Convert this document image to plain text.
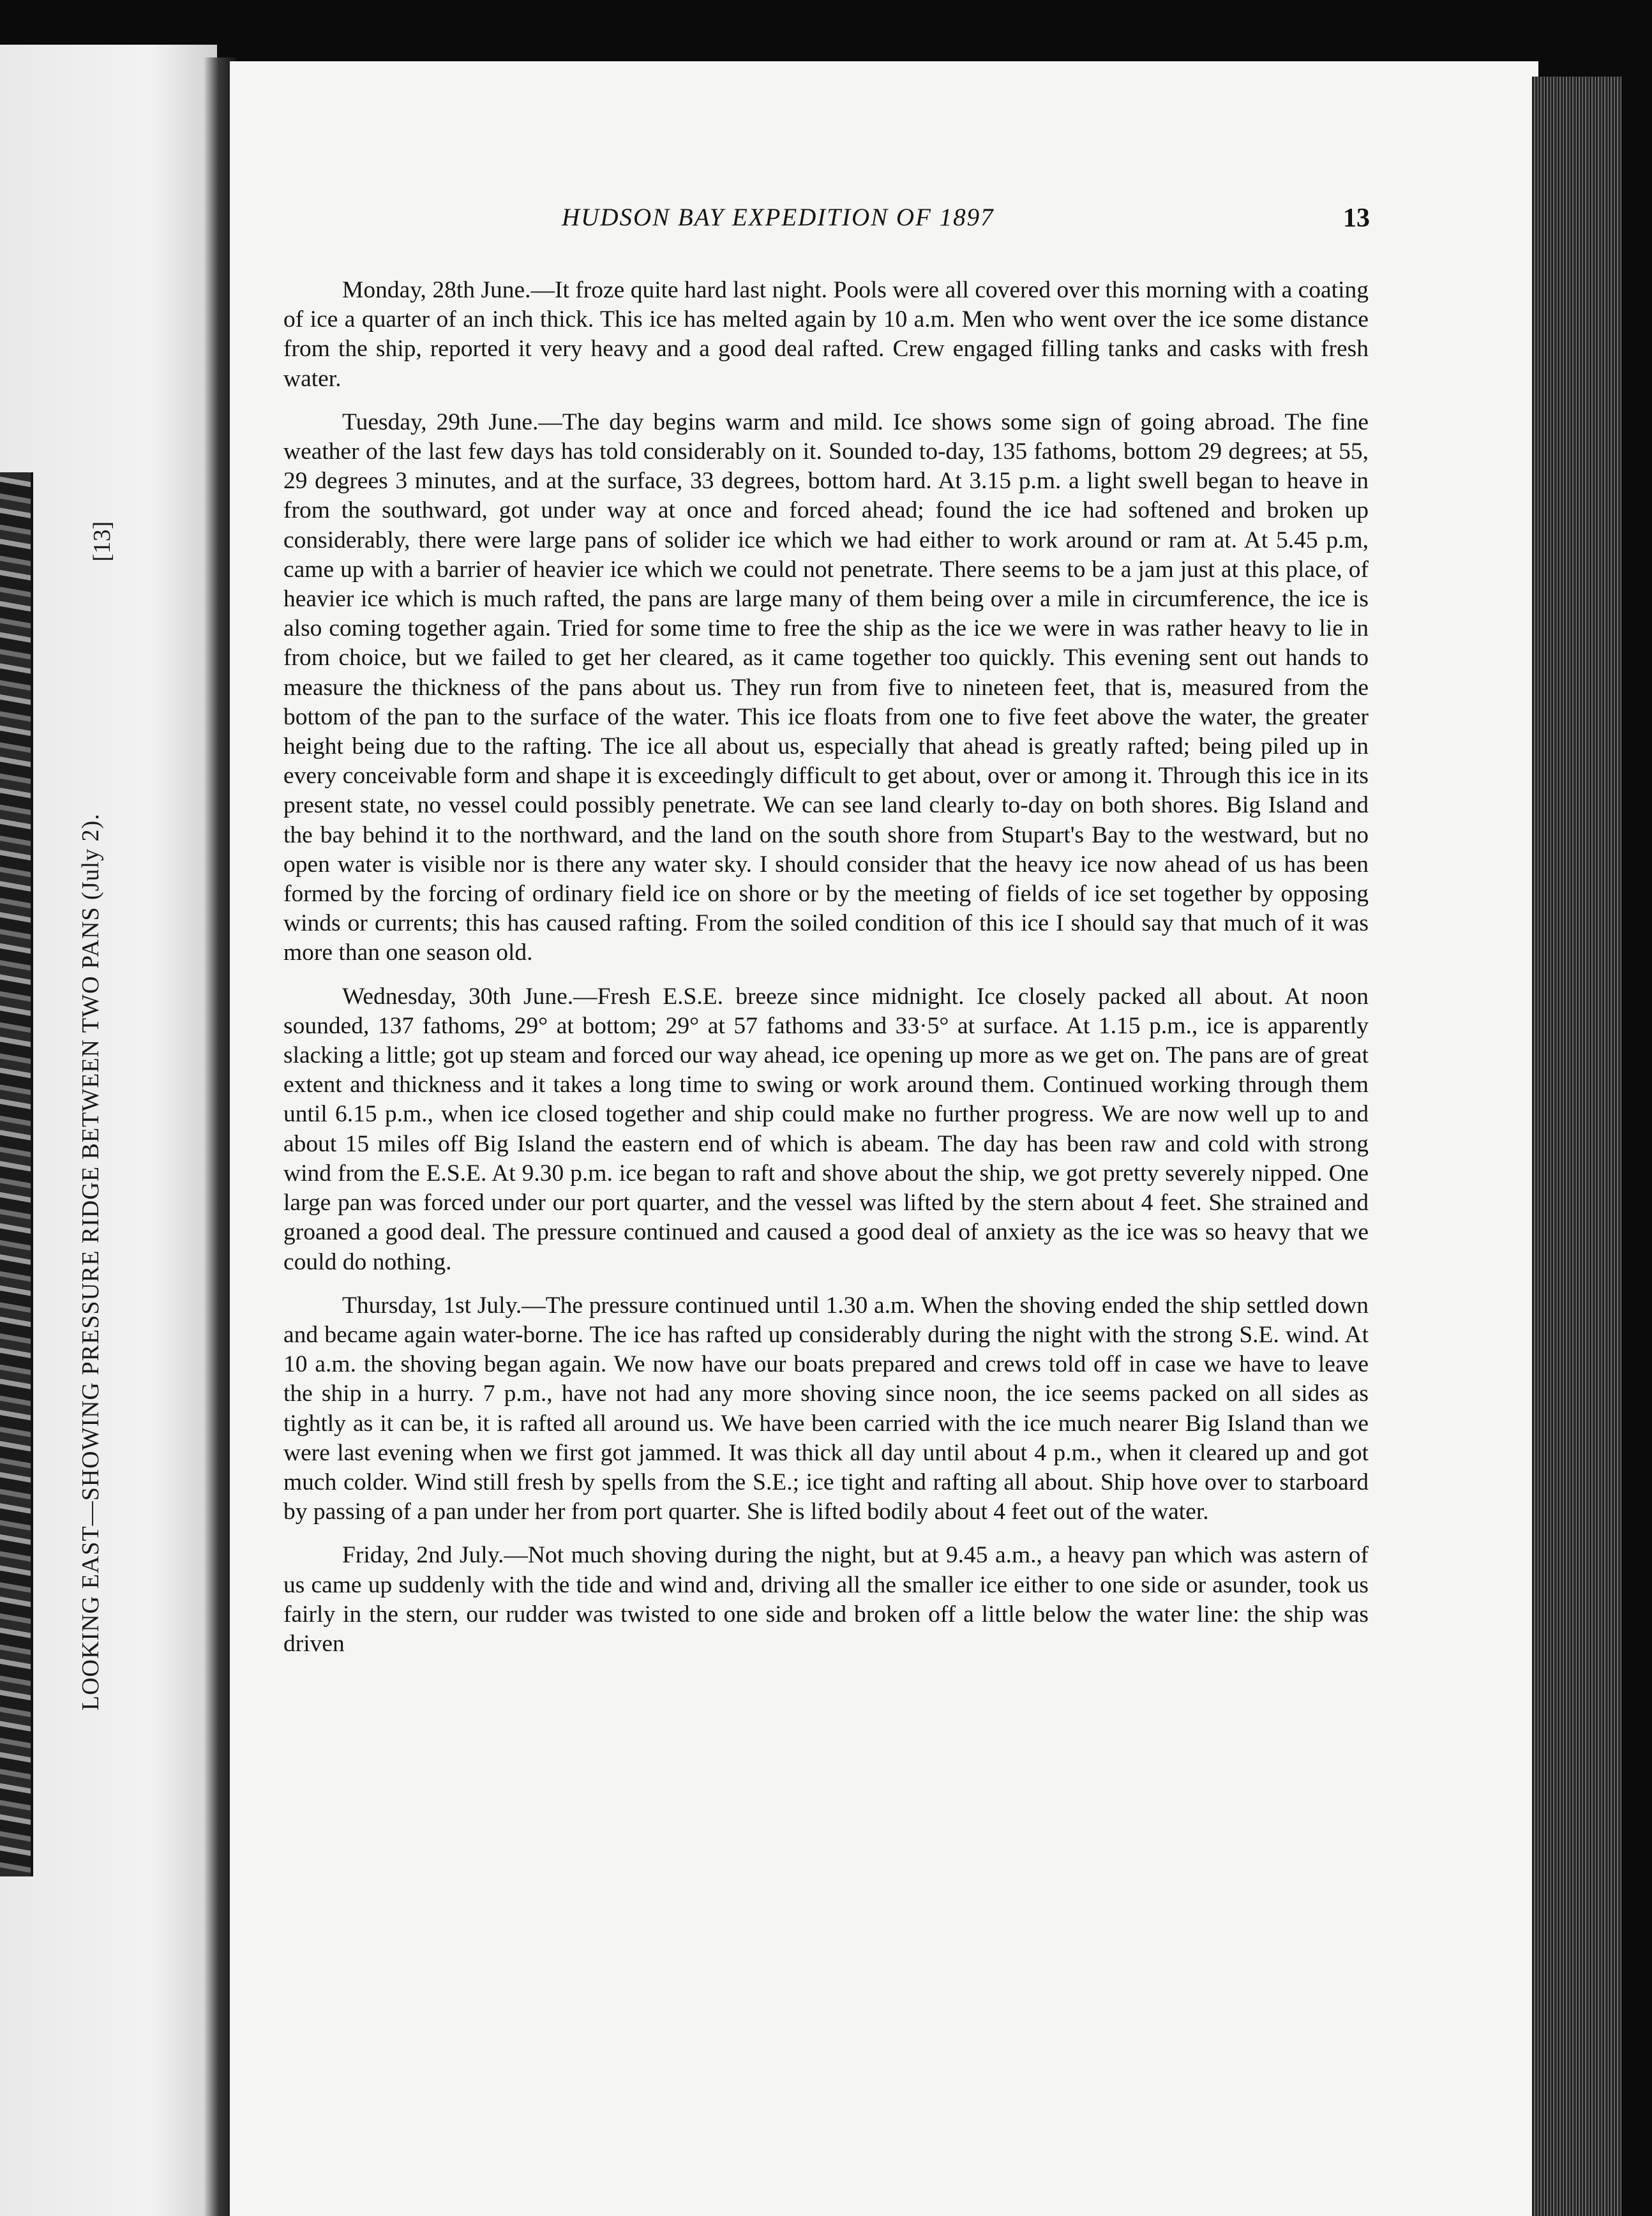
LOOKING EAST—SHOWING PRESSURE RIDGE BETWEEN TWO PANS (July 2).
[13]
HUDSON BAY EXPEDITION OF 1897	13

Monday, 28th June.—It froze quite hard last night. Pools were all covered over this morning with a coating of ice a quarter of an inch thick. This ice has melted again by 10 a.m. Men who went over the ice some distance from the ship, reported it very heavy and a good deal rafted. Crew engaged filling tanks and casks with fresh water.

Tuesday, 29th June.—The day begins warm and mild. Ice shows some sign of going abroad. The fine weather of the last few days has told considerably on it. Sounded to-day, 135 fathoms, bottom 29 degrees; at 55, 29 degrees 3 minutes, and at the surface, 33 degrees, bottom hard. At 3.15 p.m. a light swell began to heave in from the southward, got under way at once and forced ahead; found the ice had softened and broken up considerably, there were large pans of solider ice which we had either to work around or ram at. At 5.45 p.m, came up with a barrier of heavier ice which we could not penetrate. There seems to be a jam just at this place, of heavier ice which is much rafted, the pans are large many of them being over a mile in circumference, the ice is also coming together again. Tried for some time to free the ship as the ice we were in was rather heavy to lie in from choice, but we failed to get her cleared, as it came together too quickly. This evening sent out hands to measure the thickness of the pans about us. They run from five to nineteen feet, that is, measured from the bottom of the pan to the surface of the water. This ice floats from one to five feet above the water, the greater height being due to the rafting. The ice all about us, especially that ahead is greatly rafted; being piled up in every conceivable form and shape it is exceedingly difficult to get about, over or among it. Through this ice in its present state, no vessel could possibly penetrate. We can see land clearly to-day on both shores. Big Island and the bay behind it to the northward, and the land on the south shore from Stupart's Bay to the westward, but no open water is visible nor is there any water sky. I should consider that the heavy ice now ahead of us has been formed by the forcing of ordinary field ice on shore or by the meeting of fields of ice set together by opposing winds or currents; this has caused rafting. From the soiled condition of this ice I should say that much of it was more than one season old.

Wednesday, 30th June.—Fresh E.S.E. breeze since midnight. Ice closely packed all about. At noon sounded, 137 fathoms, 29° at bottom; 29° at 57 fathoms and 33·5° at surface. At 1.15 p.m., ice is apparently slacking a little; got up steam and forced our way ahead, ice opening up more as we get on. The pans are of great extent and thickness and it takes a long time to swing or work around them. Continued working through them until 6.15 p.m., when ice closed together and ship could make no further progress. We are now well up to and about 15 miles off Big Island the eastern end of which is abeam. The day has been raw and cold with strong wind from the E.S.E. At 9.30 p.m. ice began to raft and shove about the ship, we got pretty severely nipped. One large pan was forced under our port quarter, and the vessel was lifted by the stern about 4 feet. She strained and groaned a good deal. The pressure continued and caused a good deal of anxiety as the ice was so heavy that we could do nothing.

Thursday, 1st July.—The pressure continued until 1.30 a.m. When the shoving ended the ship settled down and became again water-borne. The ice has rafted up considerably during the night with the strong S.E. wind. At 10 a.m. the shoving began again. We now have our boats prepared and crews told off in case we have to leave the ship in a hurry. 7 p.m., have not had any more shoving since noon, the ice seems packed on all sides as tightly as it can be, it is rafted all around us. We have been carried with the ice much nearer Big Island than we were last evening when we first got jammed. It was thick all day until about 4 p.m., when it cleared up and got much colder. Wind still fresh by spells from the S.E.; ice tight and rafting all about. Ship hove over to starboard by passing of a pan under her from port quarter. She is lifted bodily about 4 feet out of the water.

Friday, 2nd July.—Not much shoving during the night, but at 9.45 a.m., a heavy pan which was astern of us came up suddenly with the tide and wind and, driving all the smaller ice either to one side or asunder, took us fairly in the stern, our rudder was twisted to one side and broken off a little below the water line: the ship was driven
